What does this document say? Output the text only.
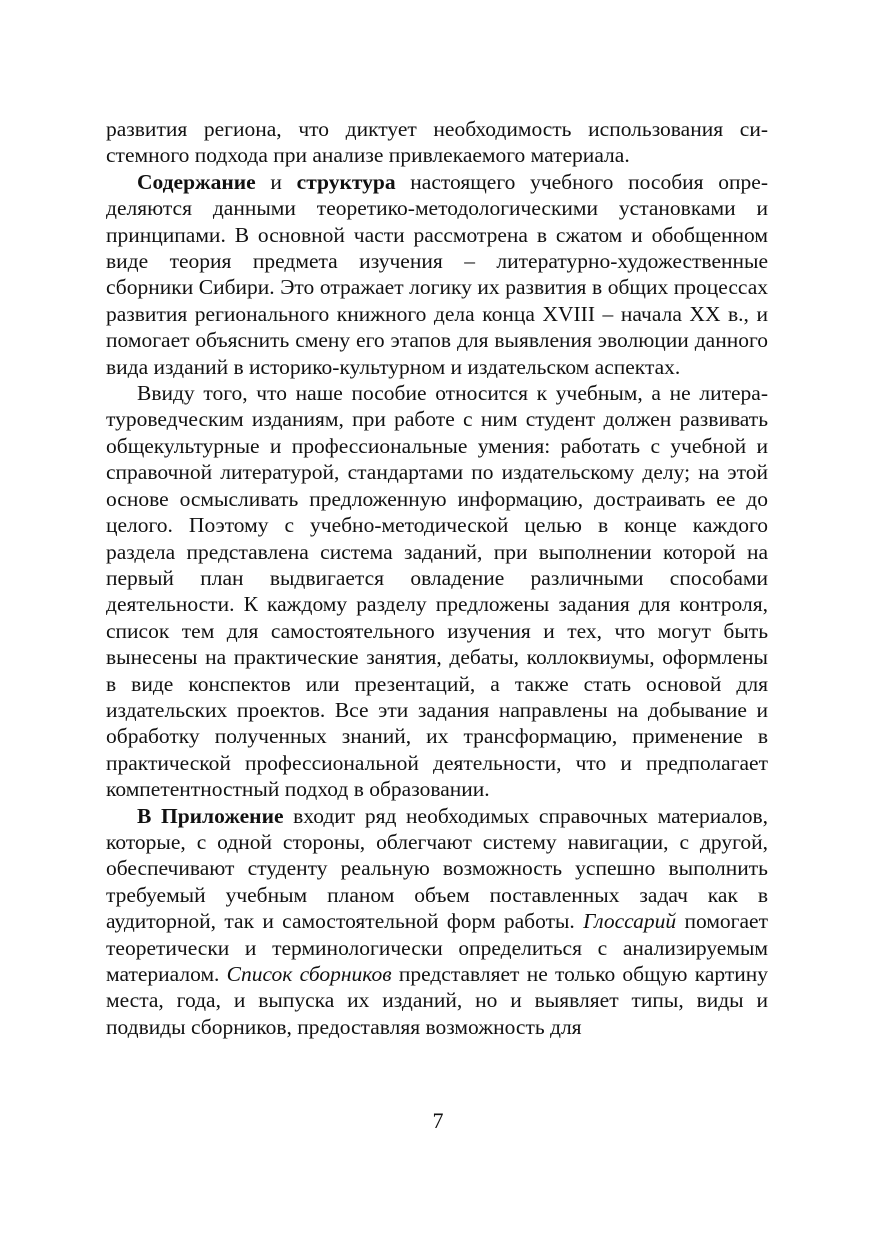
развития региона, что диктует необходимость использования системного подхода при анализе привлекаемого материала.

Содержание и структура настоящего учебного пособия определяются данными теоретико-методологическими установками и принципами. В основной части рассмотрена в сжатом и обобщенном виде теория предмета изучения – литературно-художественные сборники Сибири. Это отражает логику их развития в общих процессах развития регионального книжного дела конца XVIII – начала XX в., и помогает объяснить смену его этапов для выявления эволюции данного вида изданий в историко-культурном и издательском аспектах.

Ввиду того, что наше пособие относится к учебным, а не литературоведческим изданиям, при работе с ним студент должен развивать общекультурные и профессиональные умения: работать с учебной и справочной литературой, стандартами по издательскому делу; на этой основе осмысливать предложенную информацию, достраивать ее до целого. Поэтому с учебно-методической целью в конце каждого раздела представлена система заданий, при выполнении которой на первый план выдвигается овладение различными способами деятельности. К каждому разделу предложены задания для контроля, список тем для самостоятельного изучения и тех, что могут быть вынесены на практические занятия, дебаты, коллоквиумы, оформлены в виде конспектов или презентаций, а также стать основой для издательских проектов. Все эти задания направлены на добывание и обработку полученных знаний, их трансформацию, применение в практической профессиональной деятельности, что и предполагает компетентностный подход в образовании.

В Приложение входит ряд необходимых справочных материалов, которые, с одной стороны, облегчают систему навигации, с другой, обеспечивают студенту реальную возможность успешно выполнить требуемый учебным планом объем поставленных задач как в аудиторной, так и самостоятельной форм работы. Глоссарий помогает теоретически и терминологически определиться с анализируемым материалом. Список сборников представляет не только общую картину места, года, и выпуска их изданий, но и выявляет типы, виды и подвиды сборников, предоставляя возможность для

7
